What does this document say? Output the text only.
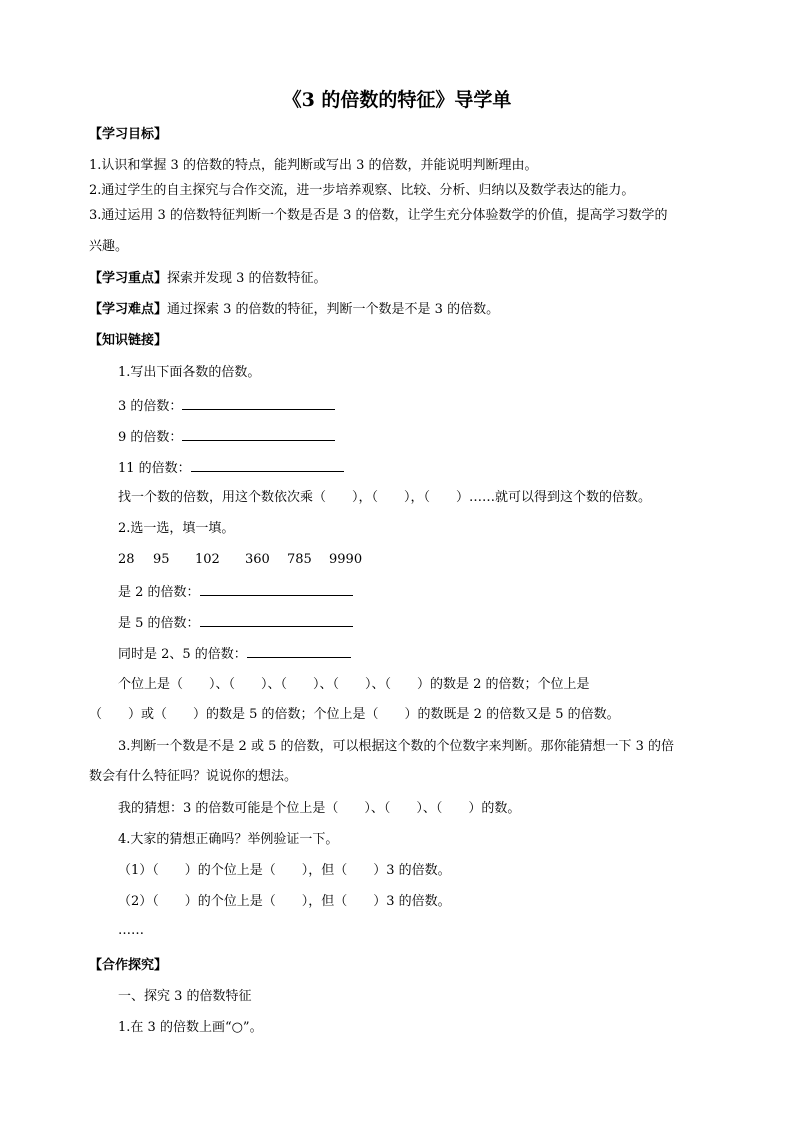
《3 的倍数的特征》导学单
【学习目标】
1.认识和掌握 3 的倍数的特点，能判断或写出 3 的倍数，并能说明判断理由。
2.通过学生的自主探究与合作交流，进一步培养观察、比较、分析、归纳以及数学表达的能力。
3.通过运用 3 的倍数特征判断一个数是否是 3 的倍数，让学生充分体验数学的价值，提高学习数学的
兴趣。
【学习重点】探索并发现 3 的倍数特征。
【学习难点】通过探索 3 的倍数的特征，判断一个数是不是 3 的倍数。
【知识链接】
1.写出下面各数的倍数。
3 的倍数：
9 的倍数：
11 的倍数：
找一个数的倍数，用这个数依次乘（　　），（　　），（　　）……就可以得到这个数的倍数。
2.选一选，填一填。
28 95 102 360 785 9990
是 2 的倍数：
是 5 的倍数：
同时是 2、5 的倍数：
个位上是（　　）、（　　）、（　　）、（　　）、（　　）的数是 2 的倍数；个位上是
（　　）或（　　）的数是 5 的倍数；个位上是（　　）的数既是 2 的倍数又是 5 的倍数。
3.判断一个数是不是 2 或 5 的倍数，可以根据这个数的个位数字来判断。那你能猜想一下 3 的倍
数会有什么特征吗？说说你的想法。
我的猜想：3 的倍数可能是个位上是（　　）、（　　）、（　　）的数。
4.大家的猜想正确吗？举例验证一下。
（1）（　　）的个位上是（　　），但（　　）3 的倍数。
（2）（　　）的个位上是（　　），但（　　）3 的倍数。
……
【合作探究】
一、探究 3 的倍数特征
1.在 3 的倍数上画“○”。
